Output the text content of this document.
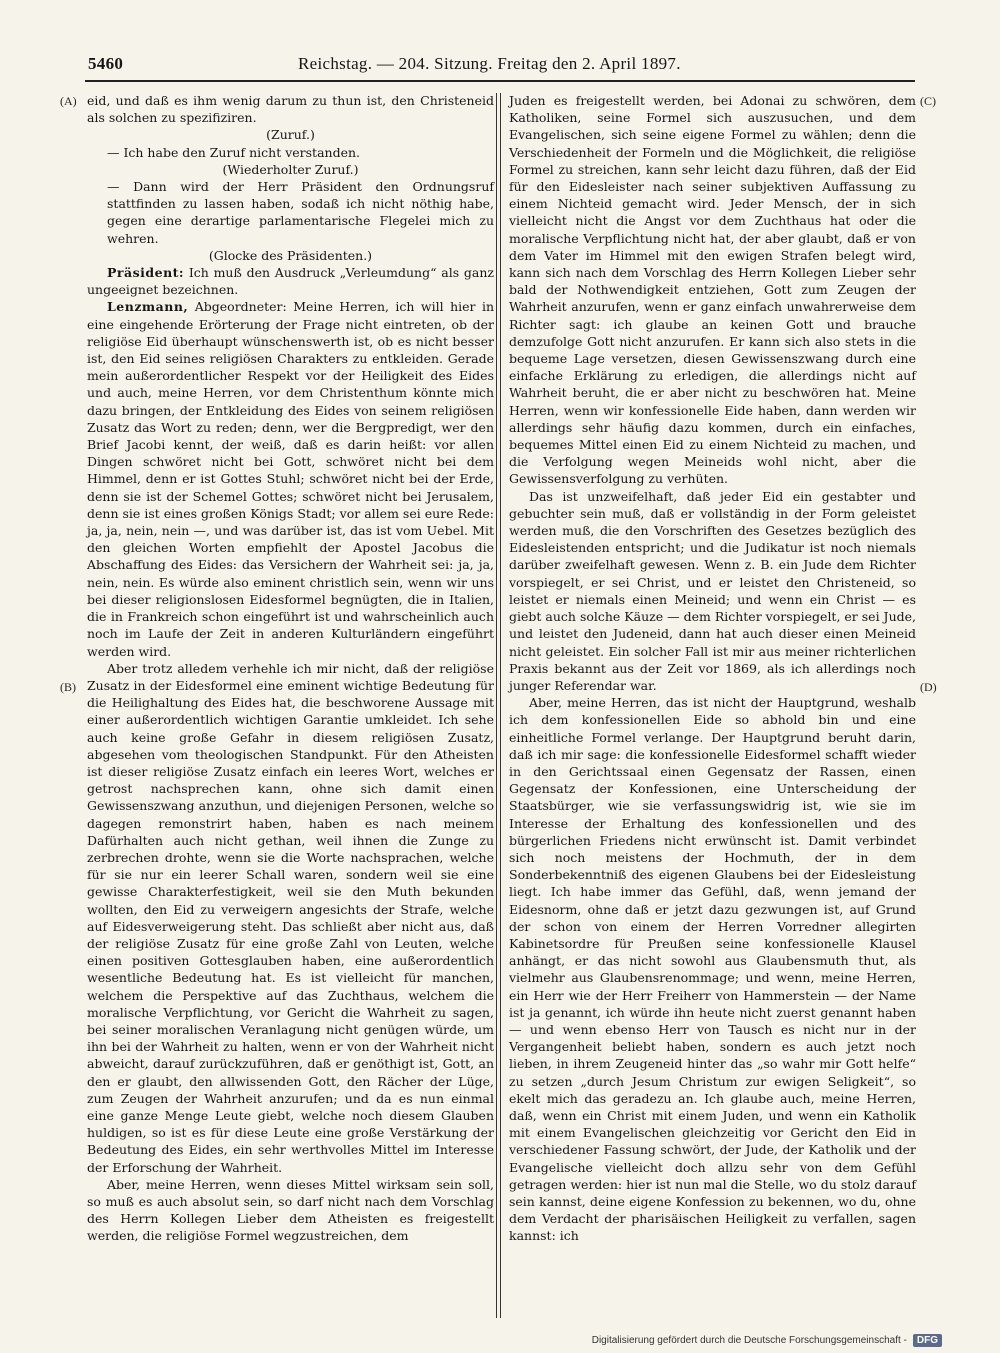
5460	Reichstag. — 204. Sitzung. Freitag den 2. April 1897.
(A)
(B)
(C)
(D)

eid, und daß es ihm wenig darum zu thun ist, den Christeneid als solchen zu spezifiziren.

(Zuruf.)

— Ich habe den Zuruf nicht verstanden.

(Wiederholter Zuruf.)

— Dann wird der Herr Präsident den Ordnungsruf stattfinden zu lassen haben, sodaß ich nicht nöthig habe, gegen eine derartige parlamentarische Flegelei mich zu wehren.

(Glocke des Präsidenten.)

Präsident: Ich muß den Ausdruck „Verleumdung“ als ganz ungeeignet bezeichnen.

Lenzmann, Abgeordneter: Meine Herren, ich will hier in eine eingehende Erörterung der Frage nicht eintreten, ob der religiöse Eid überhaupt wünschenswerth ist, ob es nicht besser ist, den Eid seines religiösen Charakters zu entkleiden. Gerade mein außerordentlicher Respekt vor der Heiligkeit des Eides und auch, meine Herren, vor dem Christenthum könnte mich dazu bringen, der Entkleidung des Eides von seinem religiösen Zusatz das Wort zu reden; denn, wer die Bergpredigt, wer den Brief Jacobi kennt, der weiß, daß es darin heißt: vor allen Dingen schwöret nicht bei Gott, schwöret nicht bei dem Himmel, denn er ist Gottes Stuhl; schwöret nicht bei der Erde, denn sie ist der Schemel Gottes; schwöret nicht bei Jerusalem, denn sie ist eines großen Königs Stadt; vor allem sei eure Rede: ja, ja, nein, nein —, und was darüber ist, das ist vom Uebel. Mit den gleichen Worten empfiehlt der Apostel Jacobus die Abschaffung des Eides: das Versichern der Wahrheit sei: ja, ja, nein, nein. Es würde also eminent christlich sein, wenn wir uns bei dieser religionslosen Eidesformel begnügten, die in Italien, die in Frankreich schon eingeführt ist und wahrscheinlich auch noch im Laufe der Zeit in anderen Kulturländern eingeführt werden wird.

Aber trotz alledem verhehle ich mir nicht, daß der religiöse Zusatz in der Eidesformel eine eminent wichtige Bedeutung für die Heilighaltung des Eides hat, die beschworene Aussage mit einer außerordentlich wichtigen Garantie umkleidet. Ich sehe auch keine große Gefahr in diesem religiösen Zusatz, abgesehen vom theologischen Standpunkt. Für den Atheisten ist dieser religiöse Zusatz einfach ein leeres Wort, welches er getrost nachsprechen kann, ohne sich damit einen Gewissenszwang anzuthun, und diejenigen Personen, welche so dagegen remonstrirt haben, haben es nach meinem Dafürhalten auch nicht gethan, weil ihnen die Zunge zu zerbrechen drohte, wenn sie die Worte nachsprachen, welche für sie nur ein leerer Schall waren, sondern weil sie eine gewisse Charakterfestigkeit, weil sie den Muth bekunden wollten, den Eid zu verweigern angesichts der Strafe, welche auf Eidesverweigerung steht. Das schließt aber nicht aus, daß der religiöse Zusatz für eine große Zahl von Leuten, welche einen positiven Gottesglauben haben, eine außerordentlich wesentliche Bedeutung hat. Es ist vielleicht für manchen, welchem die Perspektive auf das Zuchthaus, welchem die moralische Verpflichtung, vor Gericht die Wahrheit zu sagen, bei seiner moralischen Veranlagung nicht genügen würde, um ihn bei der Wahrheit zu halten, wenn er von der Wahrheit nicht abweicht, darauf zurückzuführen, daß er genöthigt ist, Gott, an den er glaubt, den allwissenden Gott, den Rächer der Lüge, zum Zeugen der Wahrheit anzurufen; und da es nun einmal eine ganze Menge Leute giebt, welche noch diesem Glauben huldigen, so ist es für diese Leute eine große Verstärkung der Bedeutung des Eides, ein sehr werthvolles Mittel im Interesse der Erforschung der Wahrheit.

Aber, meine Herren, wenn dieses Mittel wirksam sein soll, so muß es auch absolut sein, so darf nicht nach dem Vorschlag des Herrn Kollegen Lieber dem Atheisten es freigestellt werden, die religiöse Formel wegzustreichen, dem

Juden es freigestellt werden, bei Adonai zu schwören, dem Katholiken, seine Formel sich auszusuchen, und dem Evangelischen, sich seine eigene Formel zu wählen; denn die Verschiedenheit der Formeln und die Möglichkeit, die religiöse Formel zu streichen, kann sehr leicht dazu führen, daß der Eid für den Eidesleister nach seiner subjektiven Auffassung zu einem Nichteid gemacht wird. Jeder Mensch, der in sich vielleicht nicht die Angst vor dem Zuchthaus hat oder die moralische Verpflichtung nicht hat, der aber glaubt, daß er von dem Vater im Himmel mit den ewigen Strafen belegt wird, kann sich nach dem Vorschlag des Herrn Kollegen Lieber sehr bald der Nothwendigkeit entziehen, Gott zum Zeugen der Wahrheit anzurufen, wenn er ganz einfach unwahrerweise dem Richter sagt: ich glaube an keinen Gott und brauche demzufolge Gott nicht anzurufen. Er kann sich also stets in die bequeme Lage versetzen, diesen Gewissenszwang durch eine einfache Erklärung zu erledigen, die allerdings nicht auf Wahrheit beruht, die er aber nicht zu beschwören hat. Meine Herren, wenn wir konfessionelle Eide haben, dann werden wir allerdings sehr häufig dazu kommen, durch ein einfaches, bequemes Mittel einen Eid zu einem Nichteid zu machen, und die Verfolgung wegen Meineids wohl nicht, aber die Gewissensverfolgung zu verhüten.

Das ist unzweifelhaft, daß jeder Eid ein gestabter und gebuchter sein muß, daß er vollständig in der Form geleistet werden muß, die den Vorschriften des Gesetzes bezüglich des Eidesleistenden entspricht; und die Judikatur ist noch niemals darüber zweifelhaft gewesen. Wenn z. B. ein Jude dem Richter vorspiegelt, er sei Christ, und er leistet den Christeneid, so leistet er niemals einen Meineid; und wenn ein Christ — es giebt auch solche Käuze — dem Richter vorspiegelt, er sei Jude, und leistet den Judeneid, dann hat auch dieser einen Meineid nicht geleistet. Ein solcher Fall ist mir aus meiner richterlichen Praxis bekannt aus der Zeit vor 1869, als ich allerdings noch junger Referendar war.

Aber, meine Herren, das ist nicht der Hauptgrund, weshalb ich dem konfessionellen Eide so abhold bin und eine einheitliche Formel verlange. Der Hauptgrund beruht darin, daß ich mir sage: die konfessionelle Eidesformel schafft wieder in den Gerichtssaal einen Gegensatz der Rassen, einen Gegensatz der Konfessionen, eine Unterscheidung der Staatsbürger, wie sie verfassungswidrig ist, wie sie im Interesse der Erhaltung des konfessionellen und des bürgerlichen Friedens nicht erwünscht ist. Damit verbindet sich noch meistens der Hochmuth, der in dem Sonderbekenntniß des eigenen Glaubens bei der Eidesleistung liegt. Ich habe immer das Gefühl, daß, wenn jemand der Eidesnorm, ohne daß er jetzt dazu gezwungen ist, auf Grund der schon von einem der Herren Vorredner allegirten Kabinetsordre für Preußen seine konfessionelle Klausel anhängt, er das nicht sowohl aus Glaubensmuth thut, als vielmehr aus Glaubensrenommage; und wenn, meine Herren, ein Herr wie der Herr Freiherr von Hammerstein — der Name ist ja genannt, ich würde ihn heute nicht zuerst genannt haben — und wenn ebenso Herr von Tausch es nicht nur in der Vergangenheit beliebt haben, sondern es auch jetzt noch lieben, in ihrem Zeugeneid hinter das „so wahr mir Gott helfe“ zu setzen „durch Jesum Christum zur ewigen Seligkeit“, so ekelt mich das geradezu an. Ich glaube auch, meine Herren, daß, wenn ein Christ mit einem Juden, und wenn ein Katholik mit einem Evangelischen gleichzeitig vor Gericht den Eid in verschiedener Fassung schwört, der Jude, der Katholik und der Evangelische vielleicht doch allzu sehr von dem Gefühl getragen werden: hier ist nun mal die Stelle, wo du stolz darauf sein kannst, deine eigene Konfession zu bekennen, wo du, ohne dem Verdacht der pharisäischen Heiligkeit zu verfallen, sagen kannst: ich

Digitalisierung gefördert durch die Deutsche Forschungsgemeinschaft -	DFG
